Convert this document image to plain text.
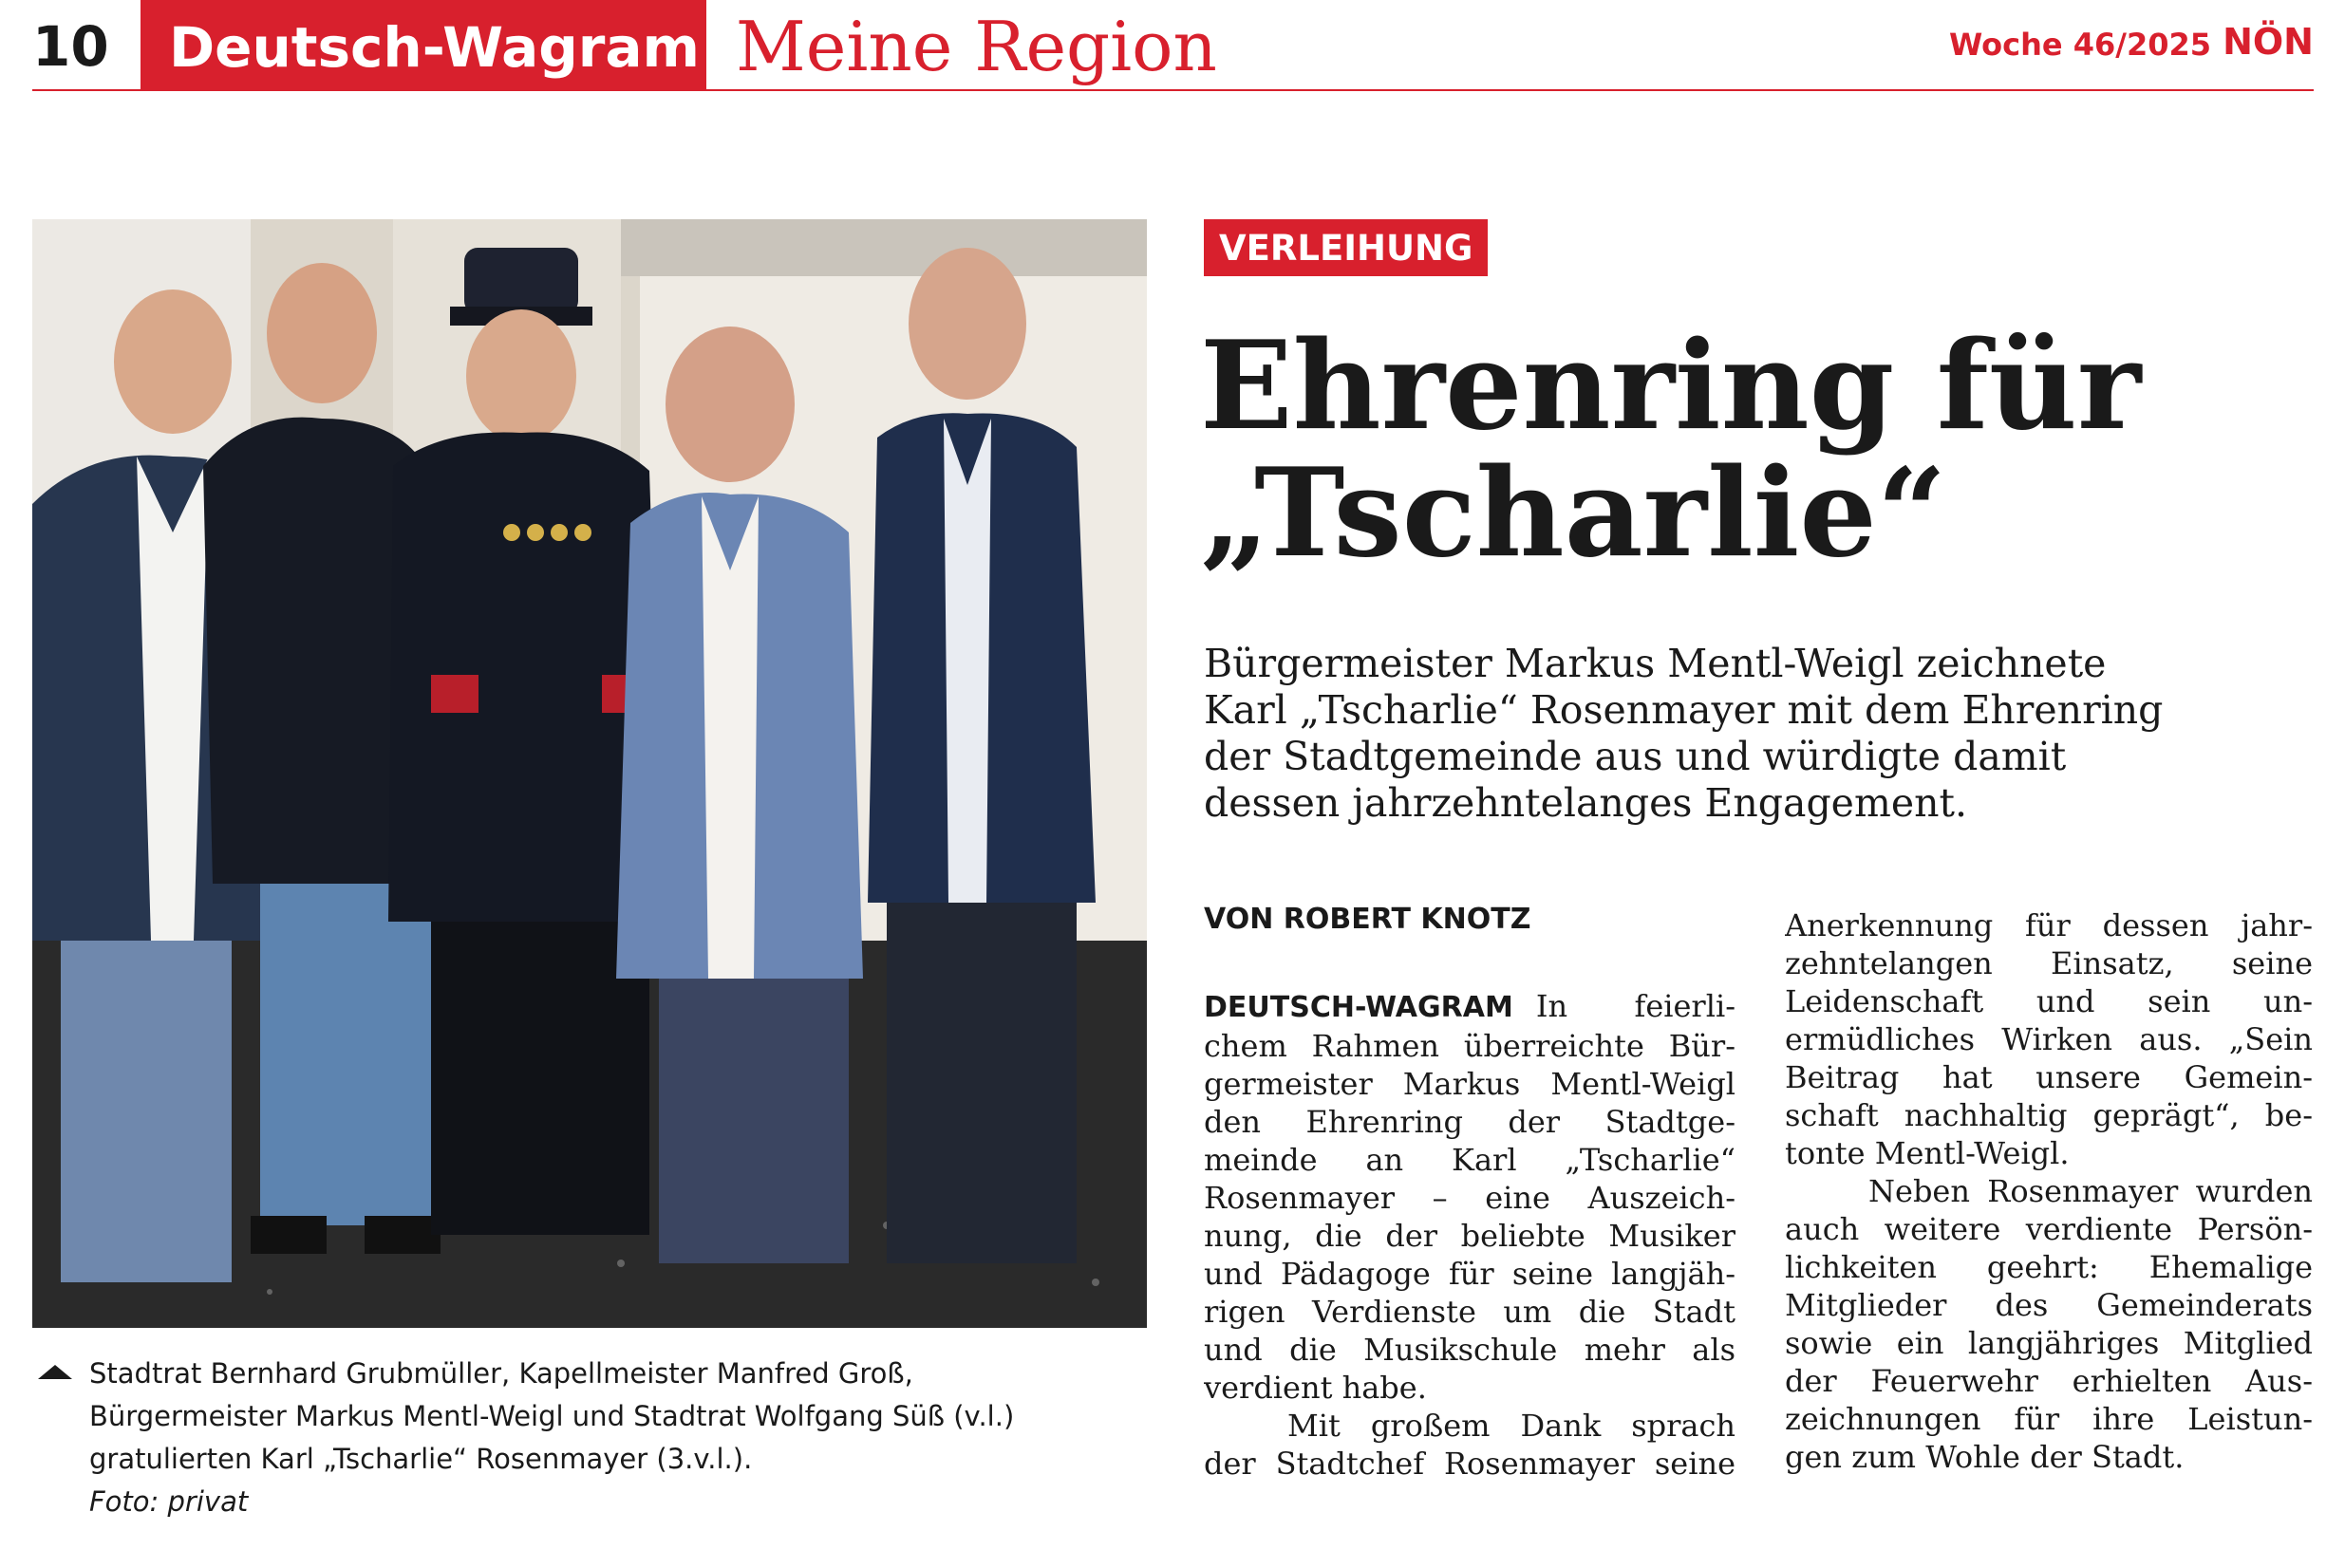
10	Deutsch-Wagram Meine Region	Woche 46/2025 NÖN
Stadtrat Bernhard Grubmüller, Kapellmeister Manfred Groß,
Bürgermeister Markus Mentl-Weigl und Stadtrat Wolfgang Süß (v.l.)
gratulierten Karl „Tscharlie“ Rosenmayer (3.v.l.).
Foto: privat
VERLEIHUNG
Ehrenring für
„Tscharlie“
Bürgermeister Markus Mentl-Weigl zeichnete
Karl „Tscharlie“ Rosenmayer mit dem Ehrenring
der Stadtgemeinde aus und würdigte damit
dessen jahrzehntelanges Engagement.
VON ROBERT KNOTZ
DEUTSCH-WAGRAM In feierli-
chem Rahmen überreichte Bür-
germeister Markus Mentl-Weigl
den Ehrenring der Stadtge-
meinde an Karl „Tscharlie“
Rosenmayer – eine Auszeich-
nung, die der beliebte Musiker
und Pädagoge für seine langjäh-
rigen Verdienste um die Stadt
und die Musikschule mehr als
verdient habe.
Mit großem Dank sprach
der Stadtchef Rosenmayer seine
Anerkennung für dessen jahr-
zehntelangen Einsatz, seine
Leidenschaft und sein un-
ermüdliches Wirken aus. „Sein
Beitrag hat unsere Gemein-
schaft nachhaltig geprägt“, be-
tonte Mentl-Weigl.
Neben Rosenmayer wurden
auch weitere verdiente Persön-
lichkeiten geehrt: Ehemalige
Mitglieder des Gemeinderats
sowie ein langjähriges Mitglied
der Feuerwehr erhielten Aus-
zeichnungen für ihre Leistun-
gen zum Wohle der Stadt.
